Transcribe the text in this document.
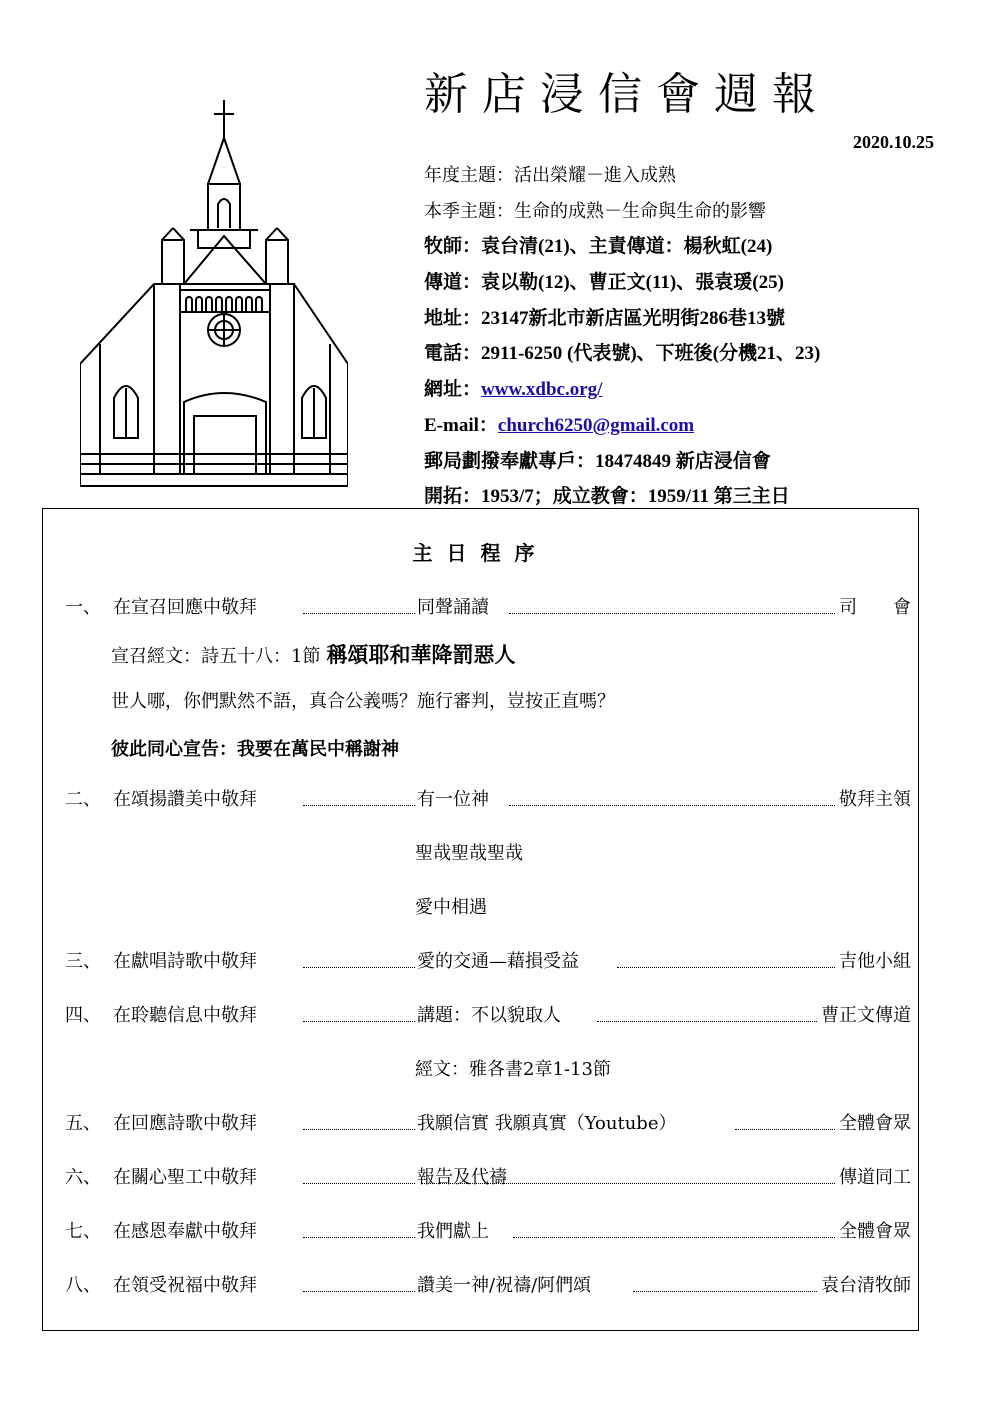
新店浸信會週報
2020.10.25
年度主題：活出榮耀－進入成熟
本季主題：生命的成熟－生命與生命的影響
牧師：袁台清(21)、主責傳道：楊秋虹(24)
傳道：袁以勒(12)、曹正文(11)、張袁瑗(25)
地址：23147新北市新店區光明街286巷13號
電話：2911-6250 (代表號)、下班後(分機21、23)
網址：www.xdbc.org/
E-mail：church6250@gmail.com
郵局劃撥奉獻專戶：18474849 新店浸信會
開拓：1953/7；成立教會：1959/11 第三主日
主日程序
一、 在宣召回應中敬拜	同聲誦讀	司　　會
二、 在頌揚讚美中敬拜	有一位神	敬拜主領
三、 在獻唱詩歌中敬拜	愛的交通—藉損受益	吉他小組
四、 在聆聽信息中敬拜	講題：不以貌取人	曹正文傳道
五、 在回應詩歌中敬拜	我願信實 我願真實（Youtube）	全體會眾
六、 在關心聖工中敬拜	報告及代禱	傳道同工
七、 在感恩奉獻中敬拜	我們獻上	全體會眾
八、 在領受祝福中敬拜	讚美一神/祝禱/阿們頌	袁台清牧師
宣召經文：詩五十八：1節 稱頌耶和華降罰惡人
世人哪，你們默然不語，真合公義嗎？施行審判，豈按正直嗎？
彼此同心宣告：我要在萬民中稱謝神
聖哉聖哉聖哉
愛中相遇
經文：雅各書2章1-13節
